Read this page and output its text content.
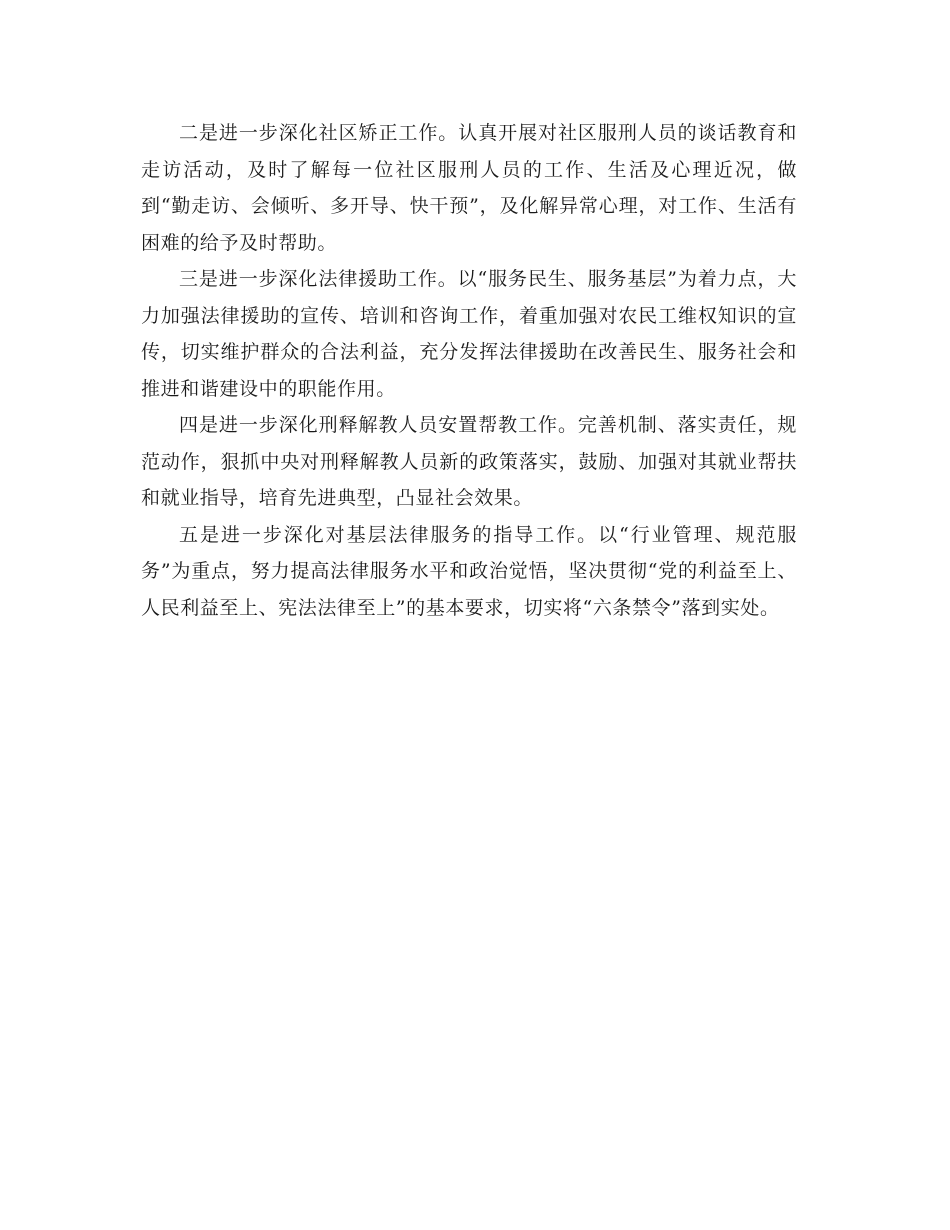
二是进一步深化社区矫正工作。认真开展对社区服刑人员的谈话教育和走访活动，及时了解每一位社区服刑人员的工作、生活及心理近况，做到“勤走访、会倾听、多开导、快干预”，及化解异常心理，对工作、生活有困难的给予及时帮助。

三是进一步深化法律援助工作。以“服务民生、服务基层”为着力点，大力加强法律援助的宣传、培训和咨询工作，着重加强对农民工维权知识的宣传，切实维护群众的合法利益，充分发挥法律援助在改善民生、服务社会和推进和谐建设中的职能作用。

四是进一步深化刑释解教人员安置帮教工作。完善机制、落实责任，规范动作，狠抓中央对刑释解教人员新的政策落实，鼓励、加强对其就业帮扶和就业指导，培育先进典型，凸显社会效果。

五是进一步深化对基层法律服务的指导工作。以“行业管理、规范服务”为重点，努力提高法律服务水平和政治觉悟，坚决贯彻“党的利益至上、人民利益至上、宪法法律至上”的基本要求，切实将“六条禁令”落到实处。
